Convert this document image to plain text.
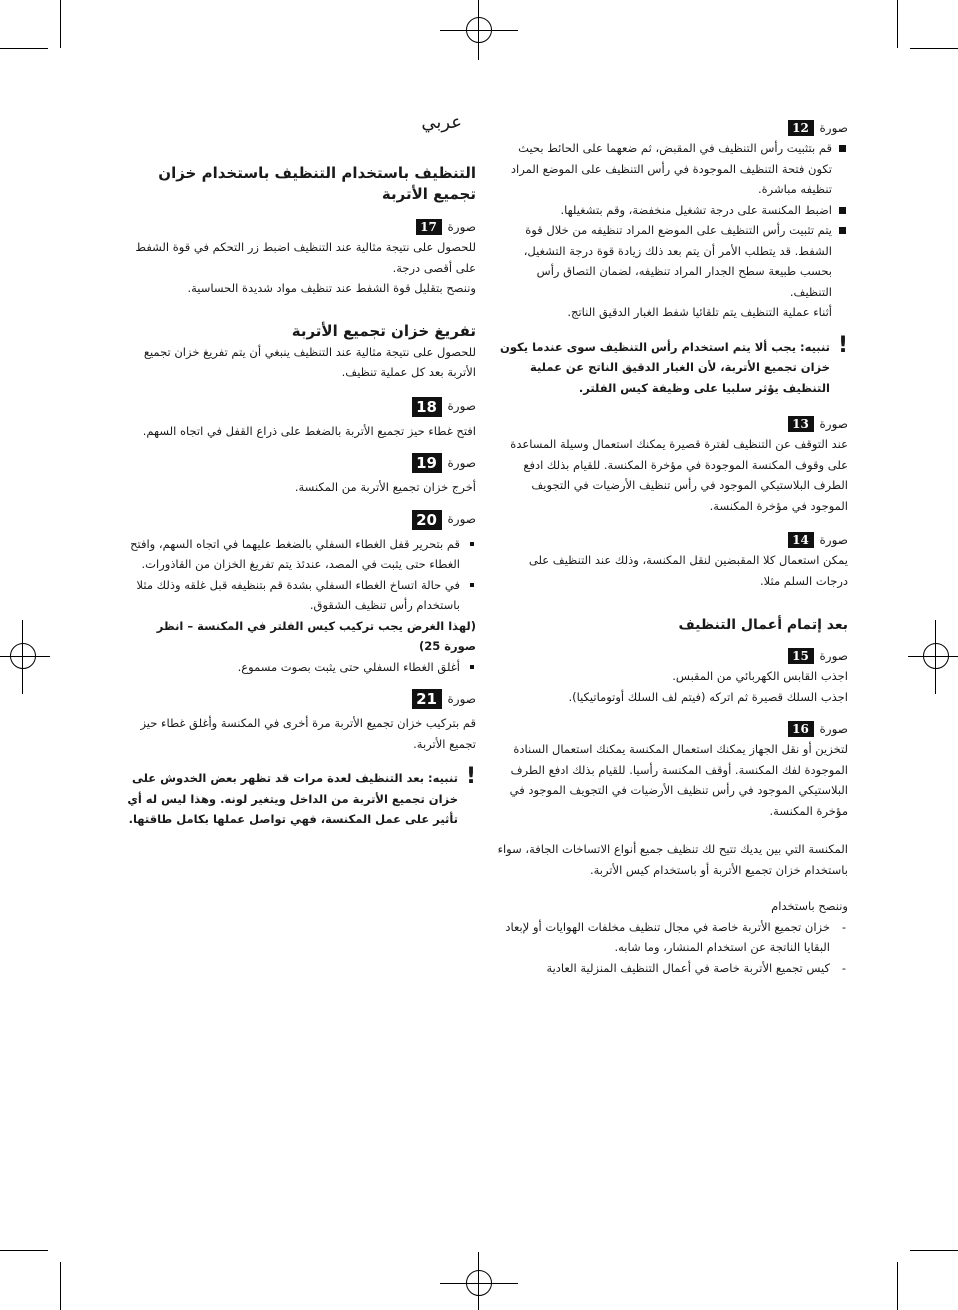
عربي	صورة
12

قم بتثبيت رأس التنظيف في المقبض، ثم ضعهما على الحائط بحيث تكون فتحة التنظيف الموجودة في رأس التنظيف على الموضع المراد تنظيفه مباشرة.

اضبط المكنسة على درجة تشغيل منخفضة، وقم بتشغيلها.

يتم تثبيت رأس التنظيف على الموضع المراد تنظيفه من خلال قوة الشفط. قد يتطلب الأمر أن يتم بعد ذلك زيادة قوة درجة التشغيل، بحسب طبيعة سطح الجدار المراد تنظيفه، لضمان التصاق رأس التنظيف.

أثناء عملية التنظيف يتم تلقائيا شفط الغبار الدقيق الناتج.

!
تنبيه: يجب ألا يتم استخدام رأس التنظيف سوى عندما يكون خزان تجميع الأتربة، لأن الغبار الدقيق الناتج عن عملية التنظيف يؤثر سلبيا على وظيفة كيس الفلتر.

صورة
13

عند التوقف عن التنظيف لفترة قصيرة يمكنك استعمال وسيلة المساعدة على وقوف المكنسة الموجودة في مؤخرة المكنسة. للقيام بذلك ادفع الطرف البلاستيكي الموجود في رأس تنظيف الأرضيات في التجويف الموجود في مؤخرة المكنسة.

صورة
14

يمكن استعمال كلا المقبضين لنقل المكنسة، وذلك عند التنظيف على درجات السلم مثلا.

بعد إتمام أعمال التنظيف

صورة
15

اجذب القابس الكهربائي من المقبس.

اجذب السلك قصيرة ثم اتركه (فيتم لف السلك أوتوماتيكيا).

صورة
16

لتخزين أو نقل الجهاز يمكنك استعمال المكنسة يمكنك استعمال السنادة الموجودة لفك المكنسة. أوقف المكنسة رأسيا. للقيام بذلك ادفع الطرف البلاستيكي الموجود في رأس تنظيف الأرضيات في التجويف الموجود في مؤخرة المكنسة.

المكنسة التي بين يديك تتيح لك تنظيف جميع أنواع الاتساخات الجافة، سواء باستخدام خزان تجميع الأتربة أو باستخدام كيس الأتربة.

وننصح باستخدام

- خزان تجميع الأتربة خاصة في مجال تنظيف مخلفات الهوايات أو لإبعاد البقايا الناتجة عن استخدام المنشار، وما شابه.

- كيس تجميع الأتربة خاصة في أعمال التنظيف المنزلية العادية

التنظيف باستخدام التنظيف باستخدام خزان تجميع الأتربة

صورة
17

للحصول على نتيجة مثالية عند التنظيف اضبط زر التحكم في قوة الشفط على أقصى درجة.

وننصح بتقليل قوة الشفط عند تنظيف مواد شديدة الحساسية.

تفريغ خزان تجميع الأتربة

للحصول على نتيجة مثالية عند التنظيف ينبغي أن يتم تفريغ خزان تجميع الأتربة بعد كل عملية تنظيف.

صورة
18

افتح غطاء حيز تجميع الأتربة بالضغط على ذراع القفل في اتجاه السهم.

صورة
19

أخرج خزان تجميع الأتربة من المكنسة.

صورة
20

قم بتحرير قفل الغطاء السفلي بالضغط عليهما في اتجاه السهم، وافتح الغطاء حتى يثبت في المصد، عندئذ يتم تفريغ الخزان من القاذورات.

في حالة اتساخ الغطاء السفلي بشدة قم بتنظيفه قبل غلقه وذلك مثلا باستخدام رأس تنظيف الشقوق.

(لهذا الغرض يجب تركيب كيس الفلتر في المكنسة – انظر صورة 25)

أغلق الغطاء السفلي حتى يثبت بصوت مسموع.

صورة
21

قم بتركيب خزان تجميع الأتربة مرة أخرى في المكنسة وأغلق غطاء حيز تجميع الأتربة.

!
تنبيه: بعد التنظيف لعدة مرات قد تظهر بعض الخدوش على خزان تجميع الأتربة من الداخل ويتغير لونه. وهذا ليس له أي تأثير على عمل المكنسة، فهي تواصل عملها بكامل طاقتها.
